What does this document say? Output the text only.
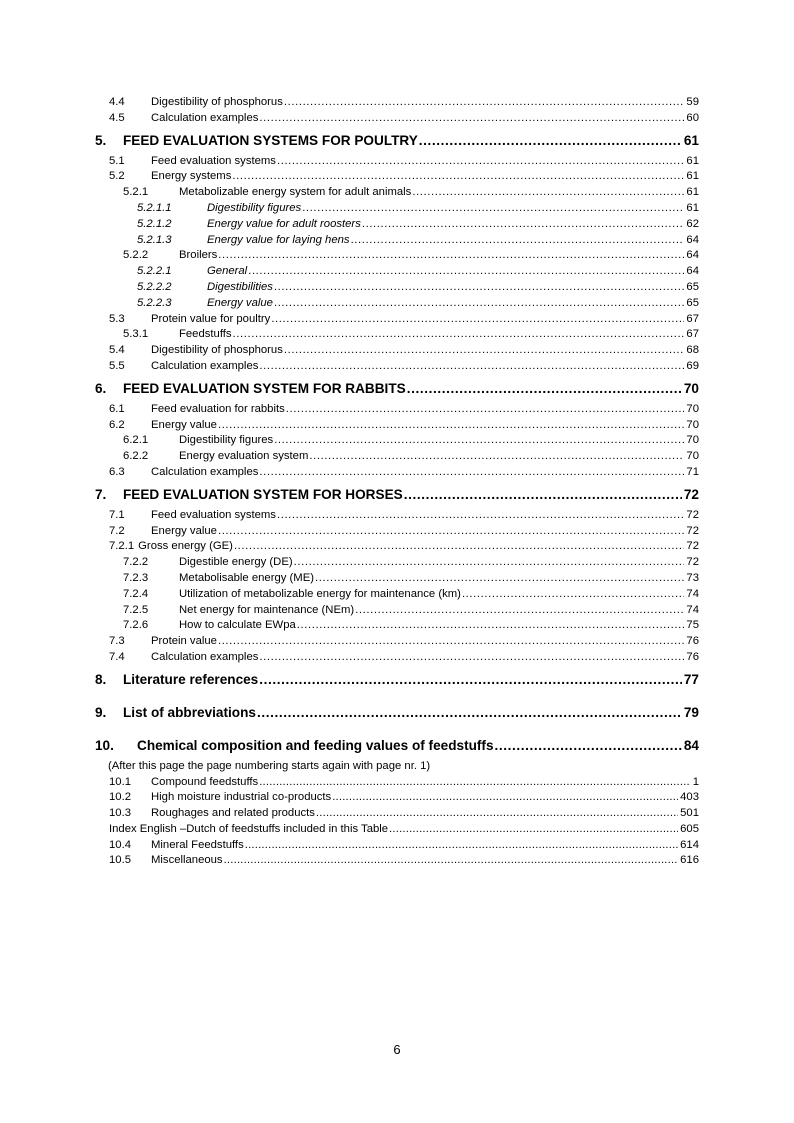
4.4	Digestibility of phosphorus .....	59
4.5	Calculation examples .....	60
5.	FEED EVALUATION SYSTEMS FOR POULTRY .....	61
5.1	Feed evaluation systems .....	61
5.2	Energy systems .....	61
5.2.1	Metabolizable energy system for adult animals .....	61
5.2.1.1	Digestibility figures .....	61
5.2.1.2	Energy value for adult roosters .....	62
5.2.1.3	Energy value for laying hens .....	64
5.2.2	Broilers .....	64
5.2.2.1	General .....	64
5.2.2.2	Digestibilities .....	65
5.2.2.3	Energy value .....	65
5.3	Protein value for poultry .....	67
5.3.1	Feedstuffs .....	67
5.4	Digestibility of phosphorus .....	68
5.5	Calculation examples .....	69
6.	FEED EVALUATION SYSTEM FOR RABBITS .....	70
6.1	Feed evaluation for rabbits .....	70
6.2	Energy value .....	70
6.2.1	Digestibility figures .....	70
6.2.2	Energy evaluation system .....	70
6.3	Calculation examples .....	71
7.	FEED EVALUATION SYSTEM FOR HORSES .....	72
7.1	Feed evaluation systems .....	72
7.2	Energy value .....	72
7.2.1 Gross energy (GE) .....	72
7.2.2	Digestible energy (DE) .....	72
7.2.3	Metabolisable energy (ME) .....	73
7.2.4	Utilization of metabolizable energy for maintenance (km) .....	74
7.2.5	Net energy for maintenance (NEm) .....	74
7.2.6	How to calculate EWpa .....	75
7.3	Protein value .....	76
7.4	Calculation examples .....	76
8.	Literature references .....	77
9.	List of abbreviations .....	79
10.	Chemical composition and feeding values of feedstuffs .....	84
(After this page the page numbering starts again with page nr. 1)
10.1	Compound feedstuffs .....	1
10.2	High moisture industrial co-products .....	403
10.3	Roughages and related products .....	501
Index English –Dutch of feedstuffs included in this Table .....	605
10.4	Mineral Feedstuffs .....	614
10.5	Miscellaneous .....	616
6
